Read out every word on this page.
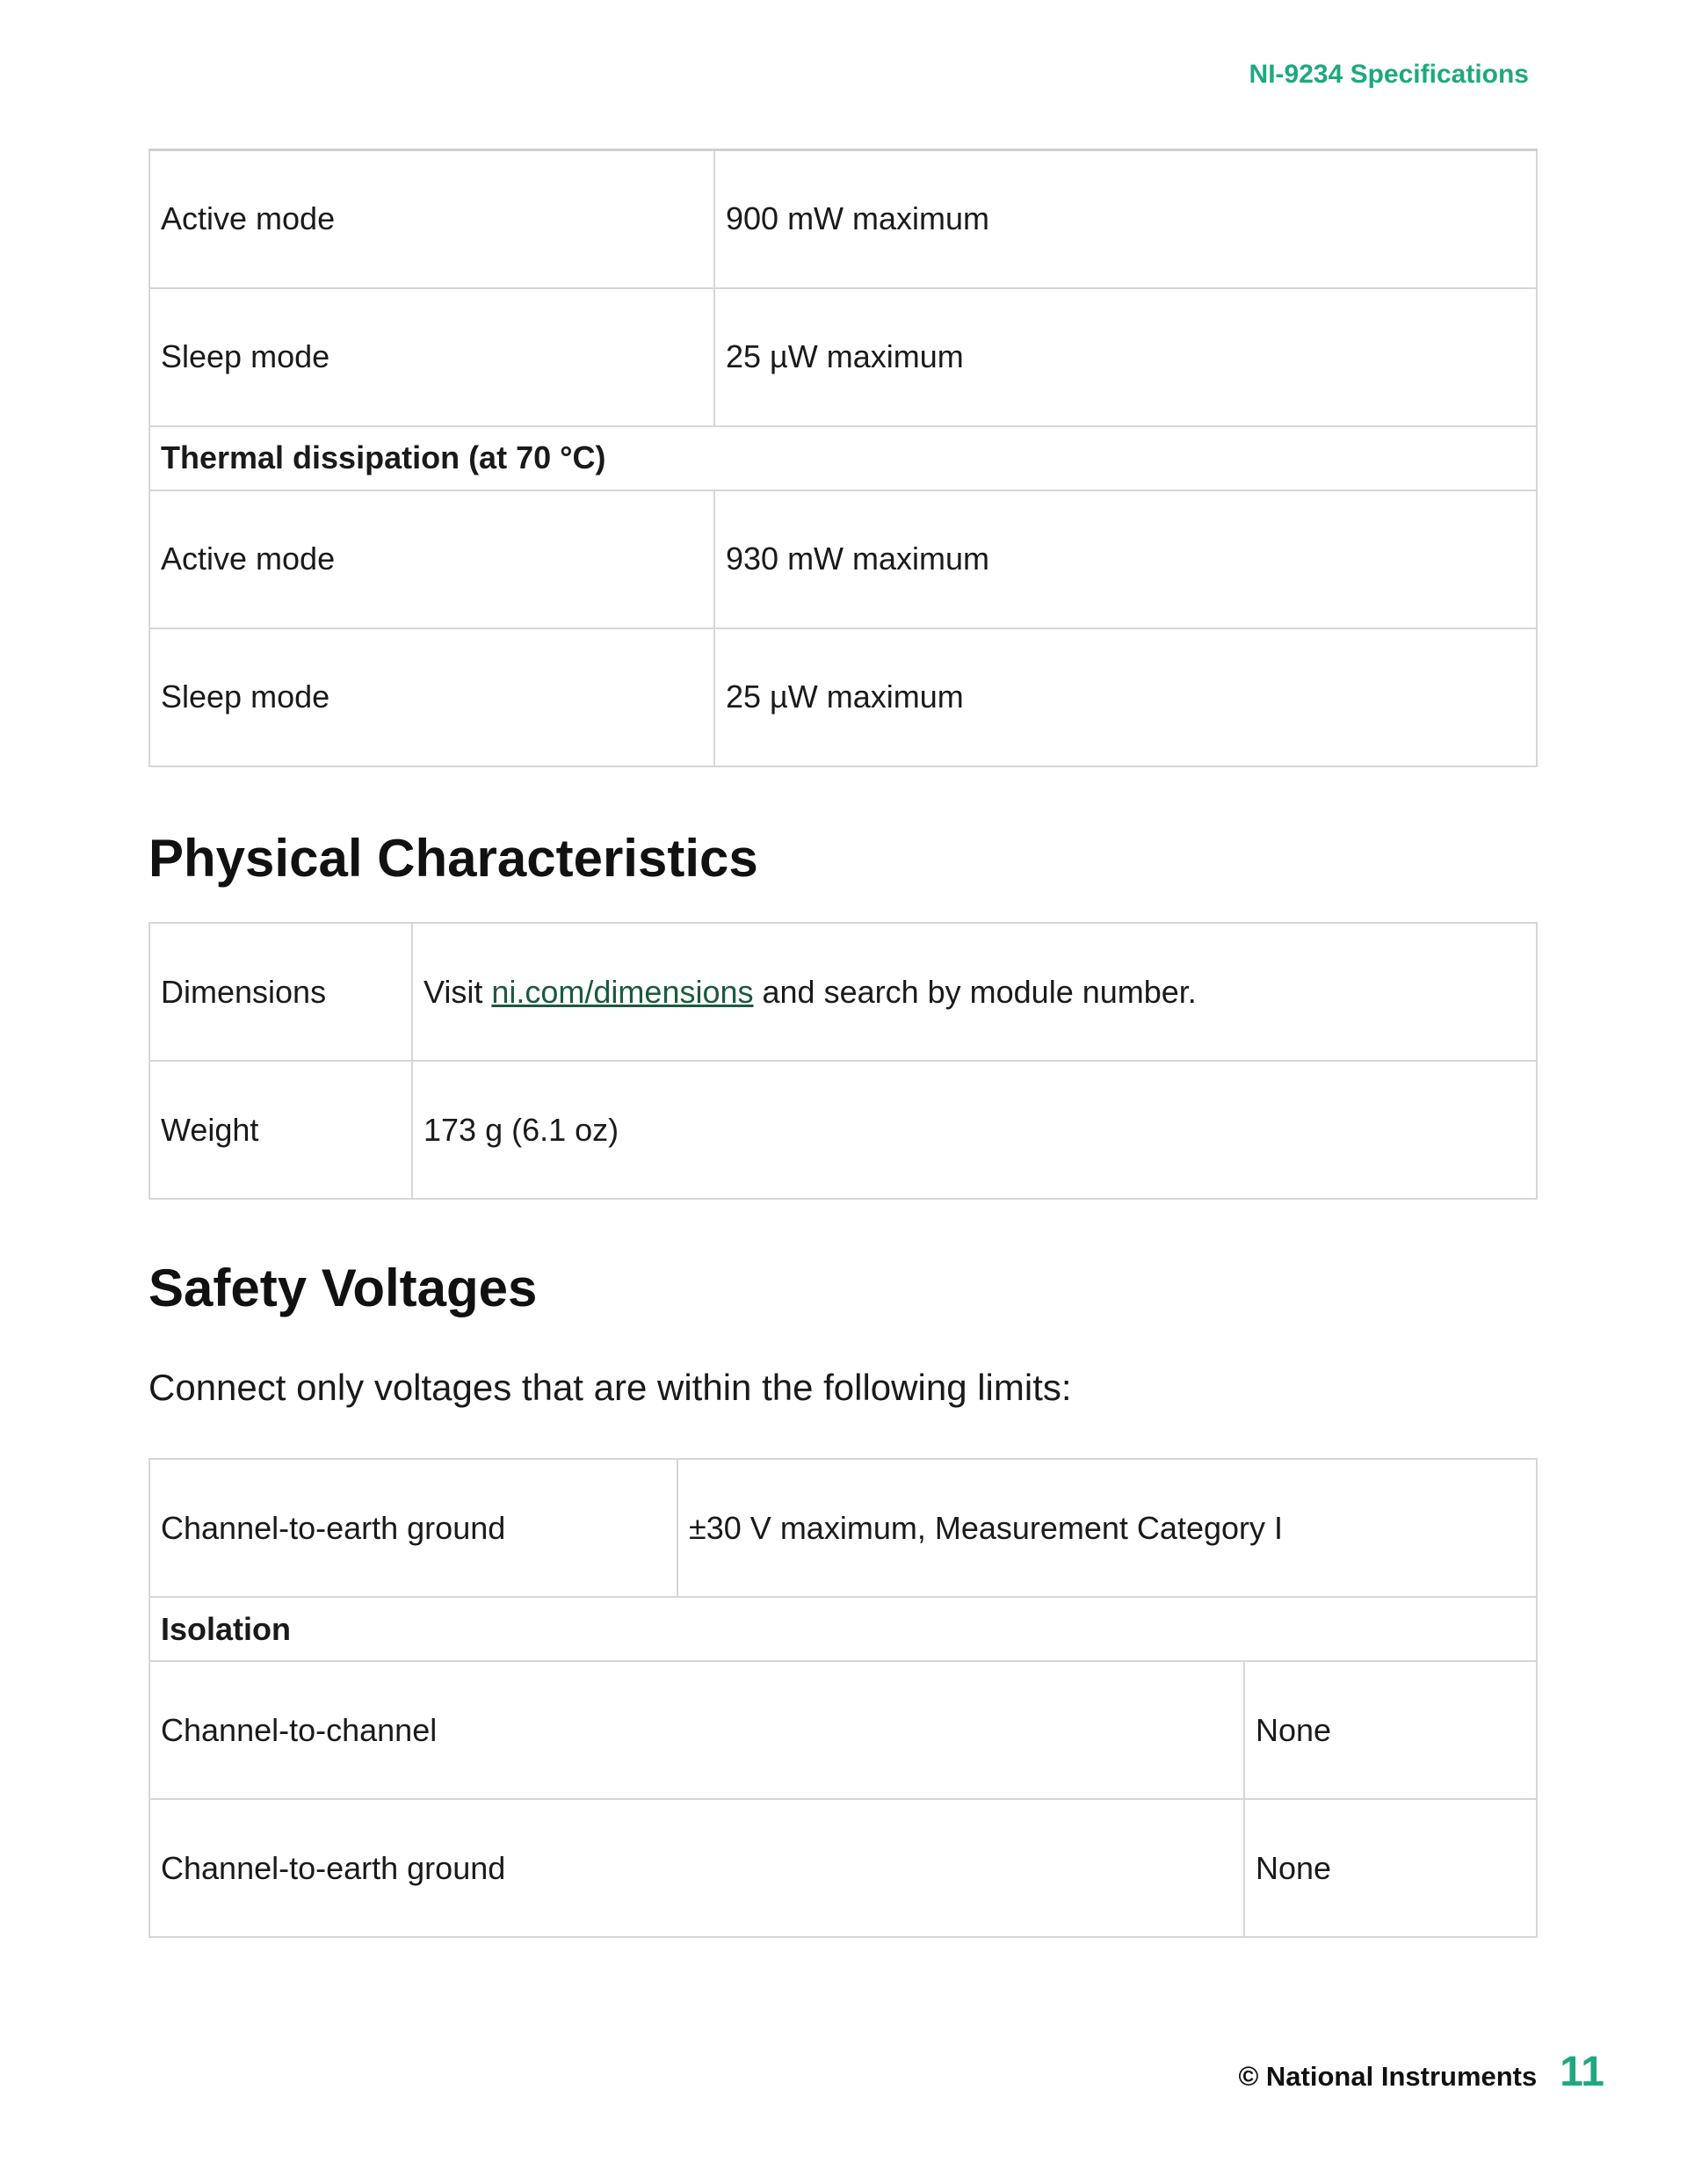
NI-9234 Specifications
Active mode	900 mW maximum
Sleep mode	25 µW maximum
Thermal dissipation (at 70 °C)	
Active mode	930 mW maximum
Sleep mode	25 µW maximum
Physical Characteristics
Dimensions	Visit ni.com/dimensions and search by module number.
Weight	173 g (6.1 oz)
Safety Voltages

Connect only voltages that are within the following limits:

Channel-to-earth ground	±30 V maximum, Measurement Category I	
Isolation		
Channel-to-channel		None
Channel-to-earth ground		None
© National Instruments 11
